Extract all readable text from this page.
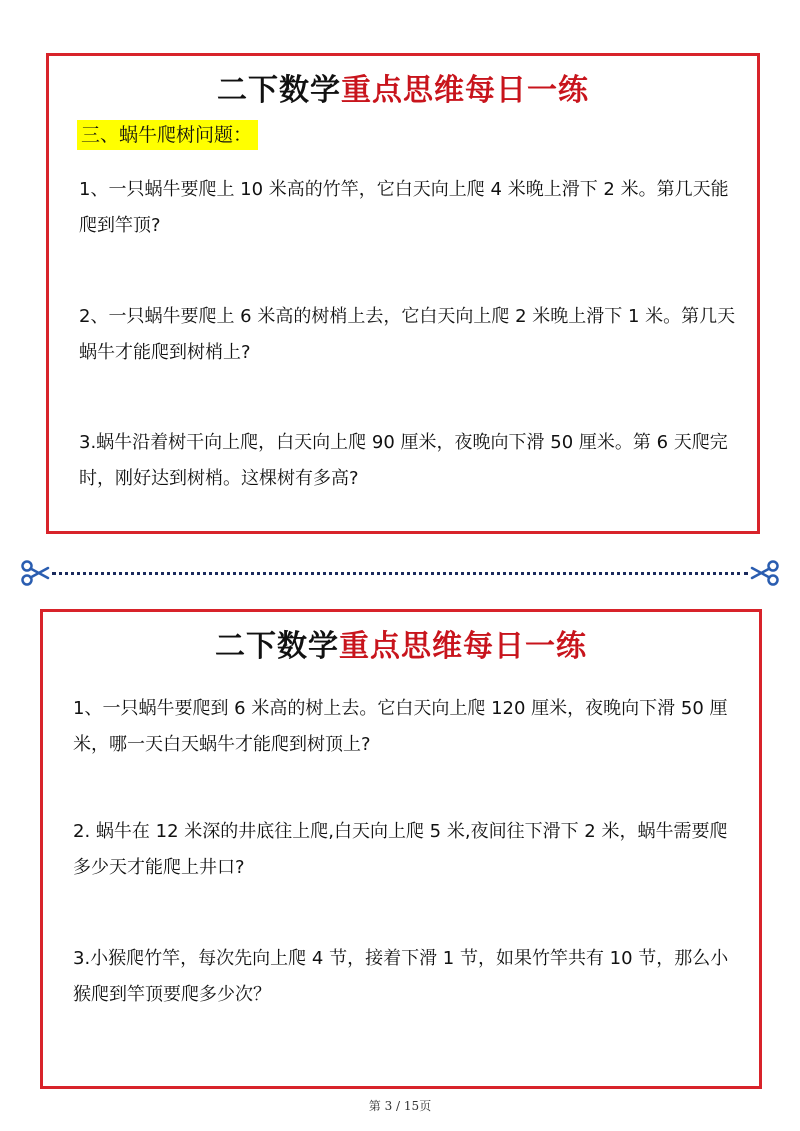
二下数学重点思维每日一练
三、蜗牛爬树问题：

1、一只蜗牛要爬上 10 米高的竹竿，它白天向上爬 4 米晚上滑下 2 米。第几天能爬到竿顶?

2、一只蜗牛要爬上 6 米高的树梢上去，它白天向上爬 2 米晚上滑下 1 米。第几天蜗牛才能爬到树梢上?

3.蜗牛沿着树干向上爬，白天向上爬 90 厘米，夜晚向下滑 50 厘米。第 6 天爬完时，刚好达到树梢。这棵树有多高?

二下数学重点思维每日一练

1、一只蜗牛要爬到 6 米高的树上去。它白天向上爬 120 厘米，夜晚向下滑 50 厘米，哪一天白天蜗牛才能爬到树顶上?

2. 蜗牛在 12 米深的井底往上爬,白天向上爬 5 米,夜间往下滑下 2 米，蜗牛需要爬多少天才能爬上井口?

3.小猴爬竹竿，每次先向上爬 4 节，接着下滑 1 节，如果竹竿共有 10 节，那么小猴爬到竿顶要爬多少次？

第 3 / 15页
